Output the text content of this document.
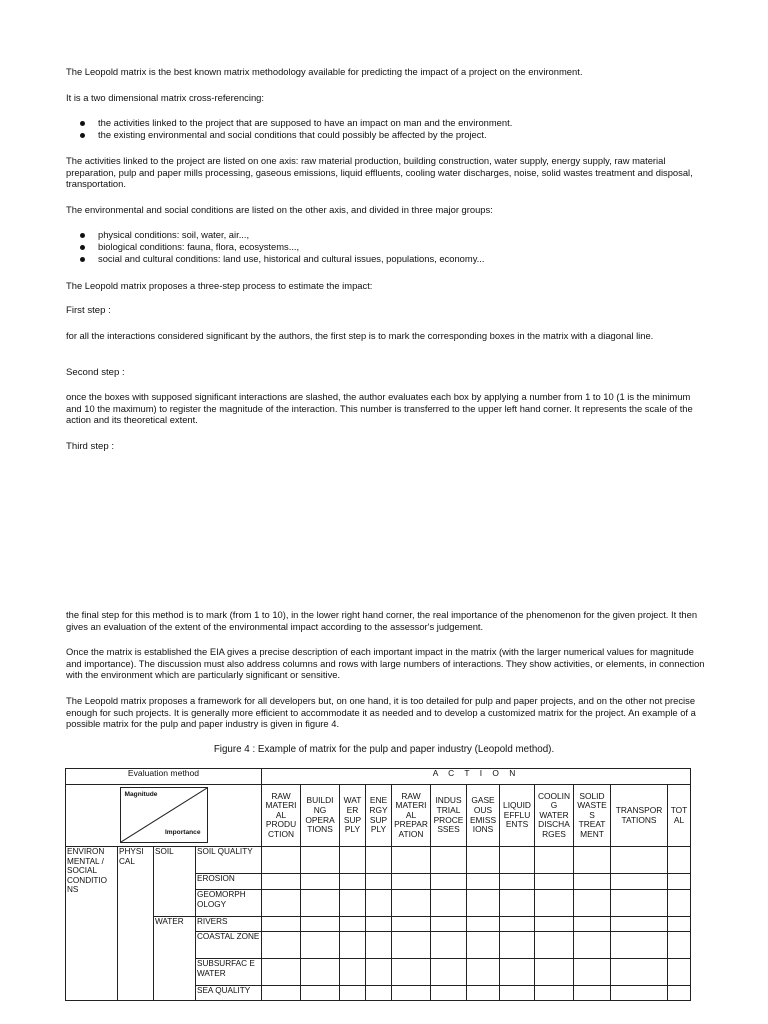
The Leopold matrix is the best known matrix methodology available for predicting the impact of a project on the environment.

It is a two dimensional matrix cross-referencing:

the activities linked to the project that are supposed to have an impact on man and the environment.
the existing environmental and social conditions that could possibly be affected by the project.

The activities linked to the project are listed on one axis: raw material production, building construction, water supply, energy supply, raw material preparation, pulp and paper mills processing, gaseous emissions, liquid effluents, cooling water discharges, noise, solid wastes treatment and disposal, transportation.

The environmental and social conditions are listed on the other axis, and divided in three major groups:

physical conditions: soil, water, air...,
biological conditions: fauna, flora, ecosystems...,
social and cultural conditions: land use, historical and cultural issues, populations, economy...

The Leopold matrix proposes a three-step process to estimate the impact:

First step :

for all the interactions considered significant by the authors, the first step is to mark the corresponding boxes in the matrix with a diagonal line.

Second step :

once the boxes with supposed significant interactions are slashed, the author evaluates each box by applying a number from 1 to 10 (1 is the minimum and 10 the maximum) to register the magnitude of the interaction. This number is transferred to the upper left hand corner. It represents the scale of the action and its theoretical extent.

Third step :

the final step for this method is to mark (from 1 to 10), in the lower right hand corner, the real importance of the phenomenon for the given project. It then gives an evaluation of the extent of the environmental impact according to the assessor's judgement.

Once the matrix is established the EIA gives a precise description of each important impact in the matrix (with the larger numerical values for magnitude and importance). The discussion must also address columns and rows with large numbers of interactions. They show activities, or elements, in connection with the environment which are particularly significant or sensitive.

The Leopold matrix proposes a framework for all developers but, on one hand, it is too detailed for pulp and paper projects, and on the other not precise enough for such projects. It is generally more efficient to accommodate it as needed and to develop a customized matrix for the project. An example of a possible matrix for the pulp and paper industry is given in figure 4.

Figure 4 : Example of matrix for the pulp and paper industry (Leopold method).

Evaluation method				A C T I O N											

Magnitude
Importance				RAW MATERI AL PRODU CTION	BUILDI NG OPERA TIONS	WAT ER SUP PLY	ENE RGY SUP PLY	RAW MATERI AL PREPAR ATION	INDUS TRIAL PROCE SSES	GASE OUS EMISS IONS	LIQUID EFFLU ENTS	COOLIN G WATER DISCHA RGES	SOLID WASTE S TREAT MENT	TRANSPOR TATIONS	TOT AL
ENVIRON MENTAL / SOCIAL CONDITIO NS	PHYSI CAL	SOIL	SOIL QUALITY												
			EROSION												
			GEOMORPH OLOGY												
		WATER	RIVERS												
			COASTAL ZONE												
			SUBSURFAC E WATER												
			SEA QUALITY												
